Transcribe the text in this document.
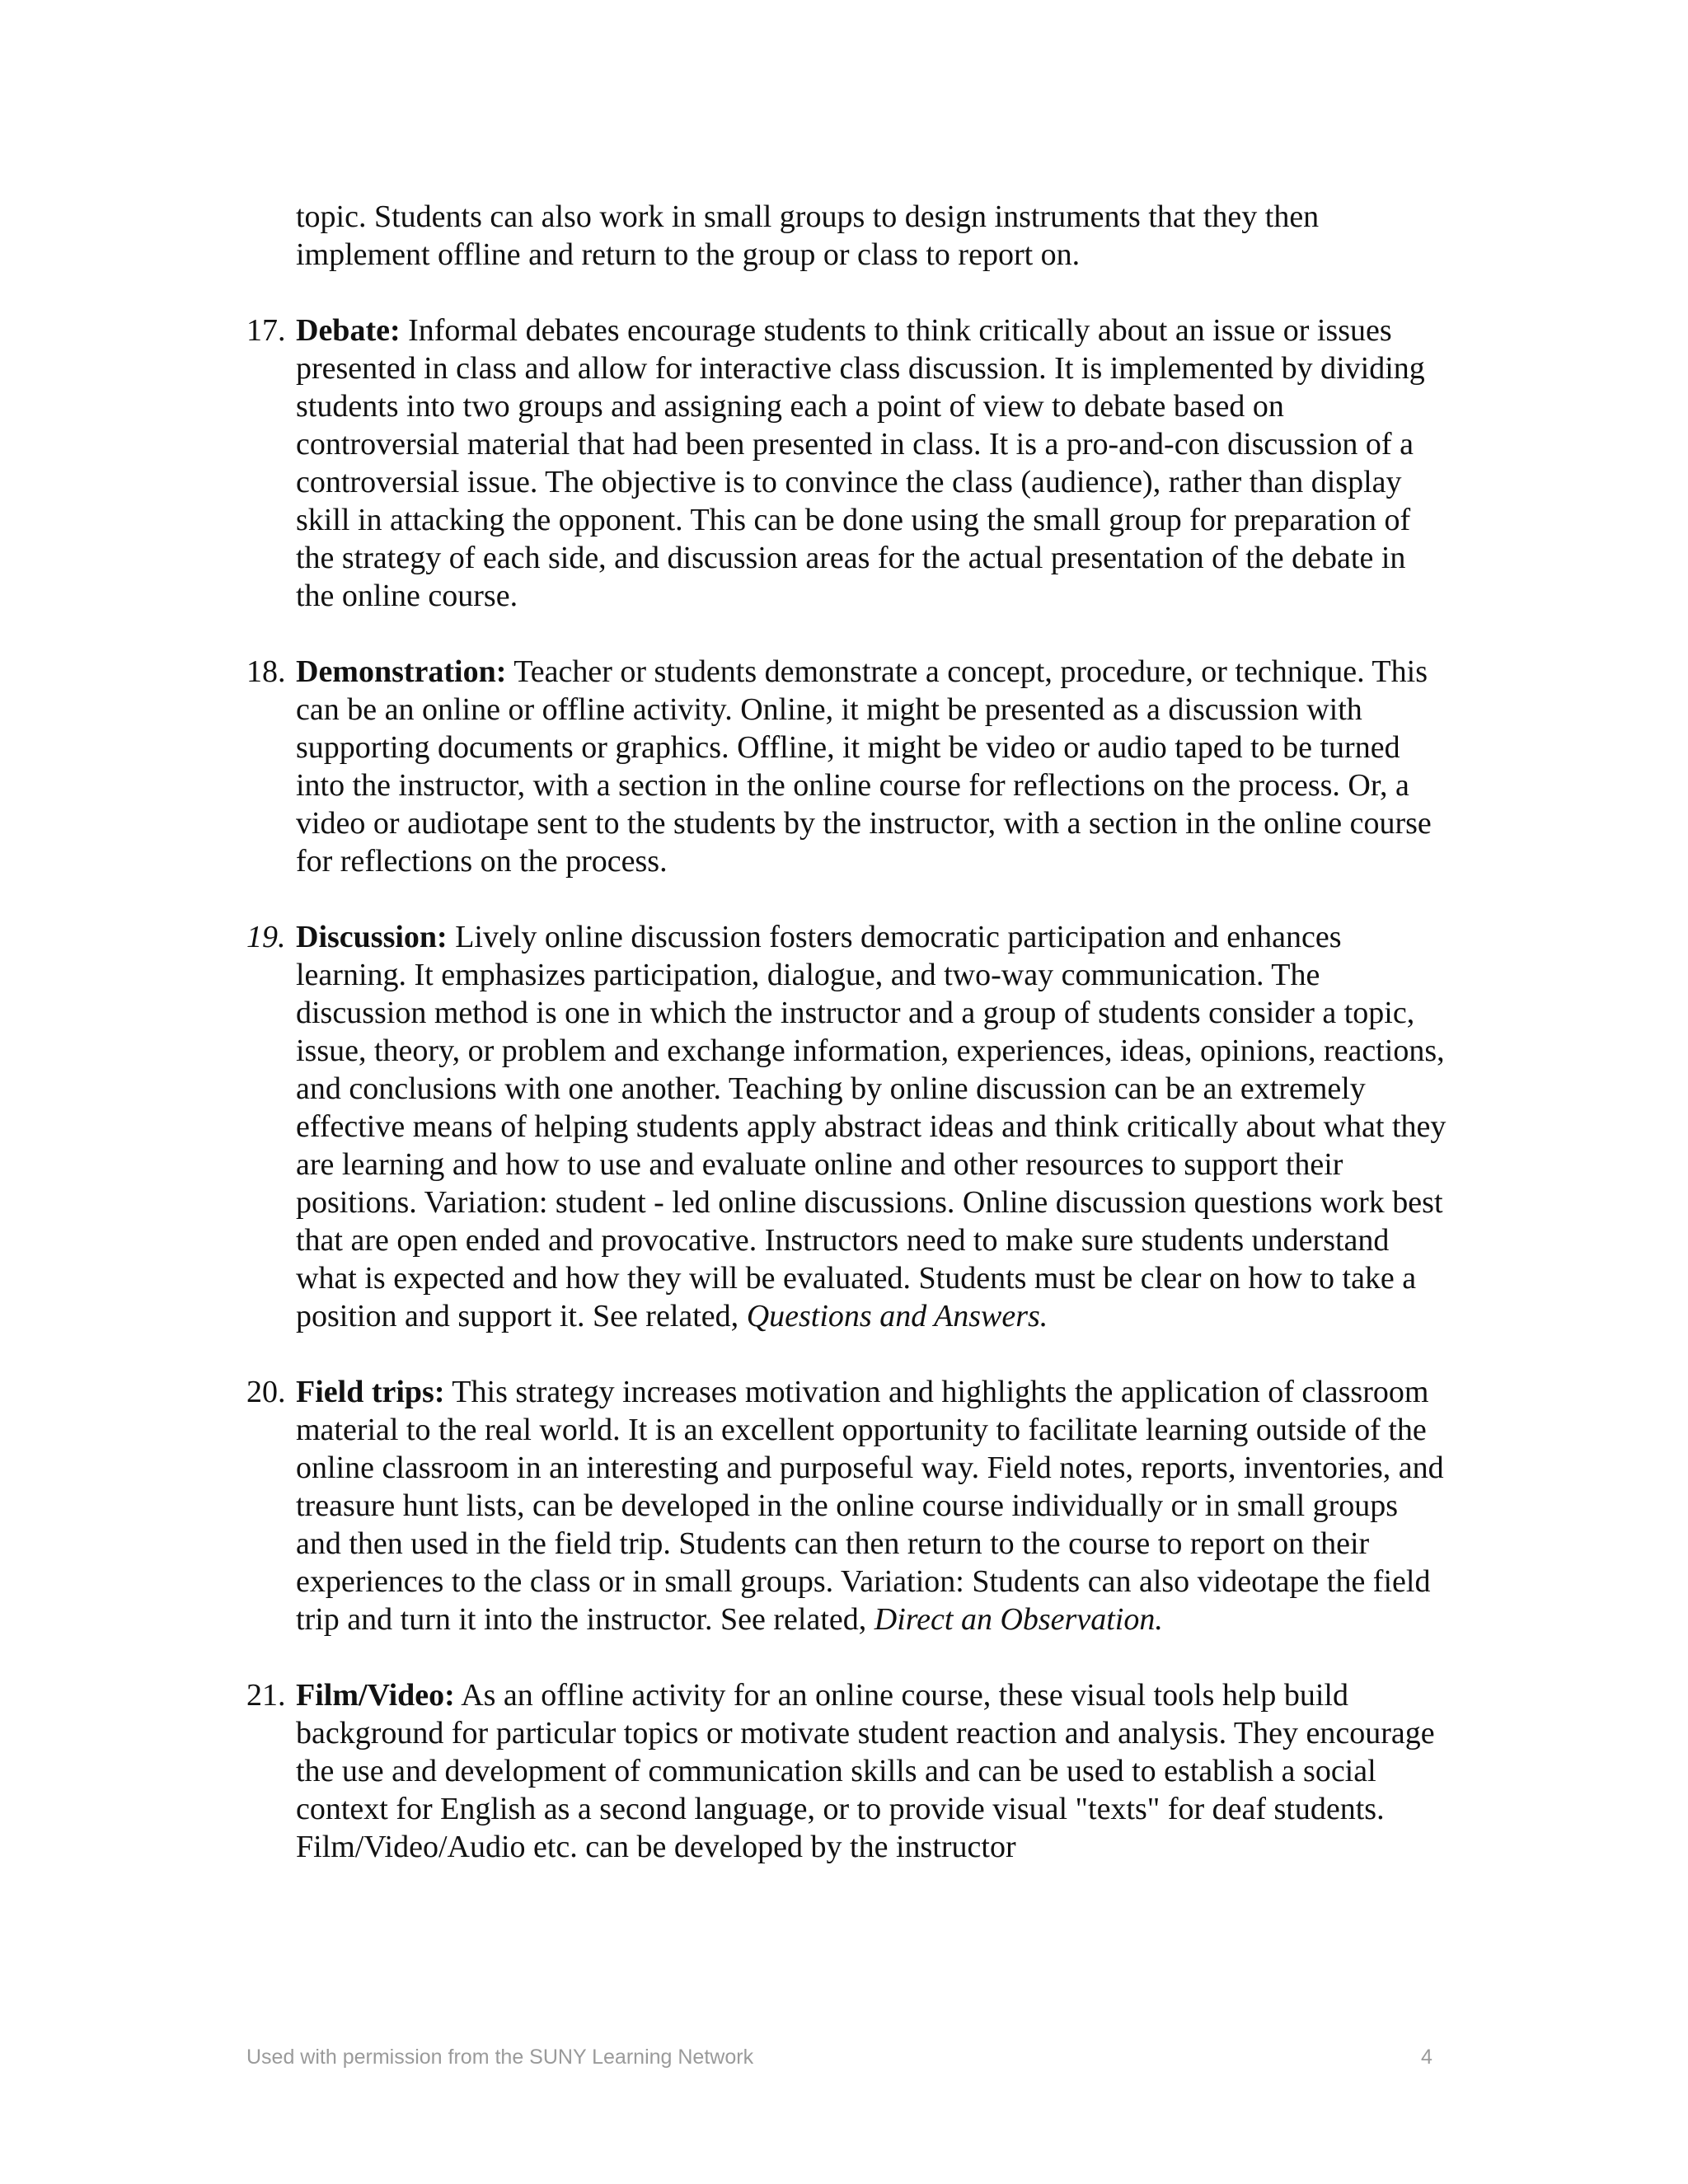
topic. Students can also work in small groups to design instruments that they then implement offline and return to the group or class to report on.

17. Debate: Informal debates encourage students to think critically about an issue or issues presented in class and allow for interactive class discussion. It is implemented by dividing students into two groups and assigning each a point of view to debate based on controversial material that had been presented in class. It is a pro-and-con discussion of a controversial issue. The objective is to convince the class (audience), rather than display skill in attacking the opponent. This can be done using the small group for preparation of the strategy of each side, and discussion areas for the actual presentation of the debate in the online course.

18. Demonstration: Teacher or students demonstrate a concept, procedure, or technique. This can be an online or offline activity. Online, it might be presented as a discussion with supporting documents or graphics. Offline, it might be video or audio taped to be turned into the instructor, with a section in the online course for reflections on the process. Or, a video or audiotape sent to the students by the instructor, with a section in the online course for reflections on the process.

19. Discussion: Lively online discussion fosters democratic participation and enhances learning. It emphasizes participation, dialogue, and two-way communication. The discussion method is one in which the instructor and a group of students consider a topic, issue, theory, or problem and exchange information, experiences, ideas, opinions, reactions, and conclusions with one another. Teaching by online discussion can be an extremely effective means of helping students apply abstract ideas and think critically about what they are learning and how to use and evaluate online and other resources to support their positions. Variation: student - led online discussions. Online discussion questions work best that are open ended and provocative. Instructors need to make sure students understand what is expected and how they will be evaluated. Students must be clear on how to take a position and support it. See related, Questions and Answers.

20. Field trips: This strategy increases motivation and highlights the application of classroom material to the real world. It is an excellent opportunity to facilitate learning outside of the online classroom in an interesting and purposeful way. Field notes, reports, inventories, and treasure hunt lists, can be developed in the online course individually or in small groups and then used in the field trip. Students can then return to the course to report on their experiences to the class or in small groups. Variation: Students can also videotape the field trip and turn it into the instructor. See related, Direct an Observation.

21. Film/Video: As an offline activity for an online course, these visual tools help build background for particular topics or motivate student reaction and analysis. They encourage the use and development of communication skills and can be used to establish a social context for English as a second language, or to provide visual "texts" for deaf students. Film/Video/Audio etc. can be developed by the instructor

Used with permission from the SUNY Learning Network	4
